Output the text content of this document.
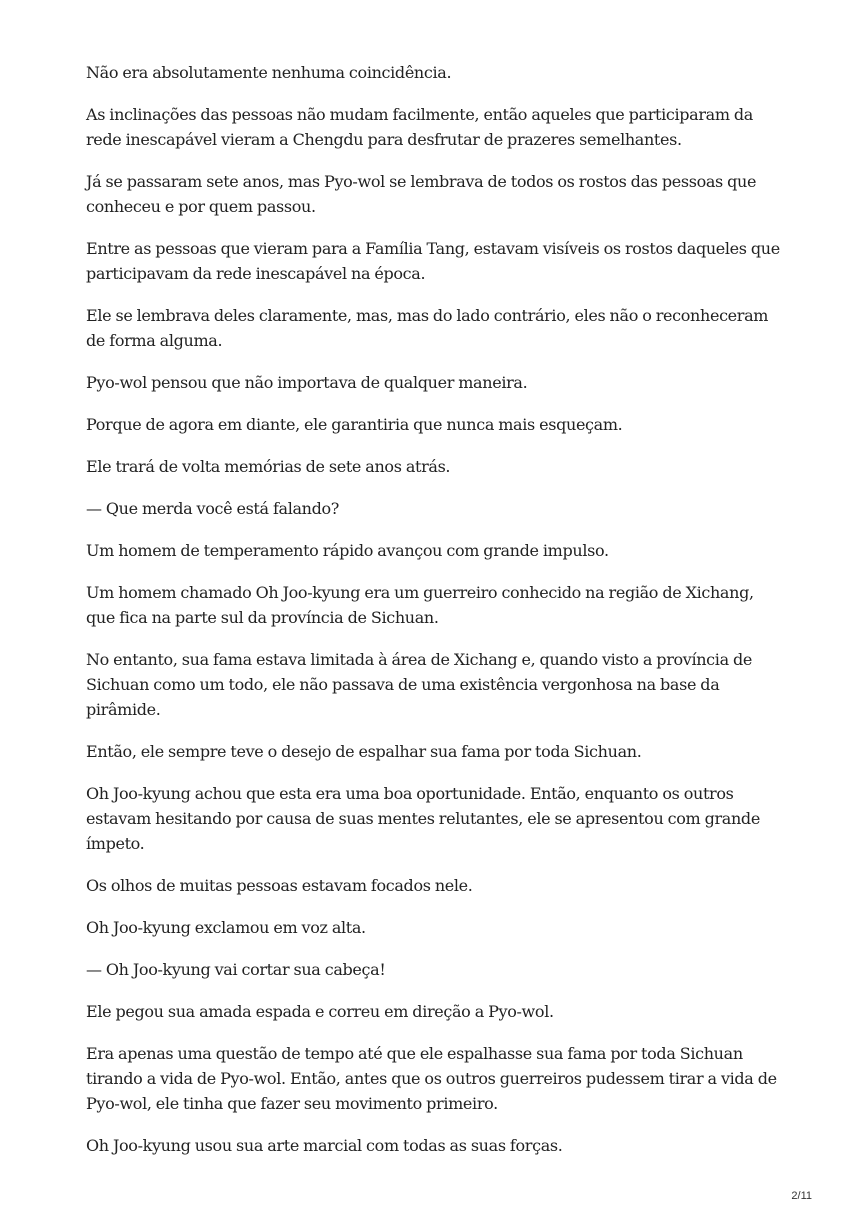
Não era absolutamente nenhuma coincidência.

As inclinações das pessoas não mudam facilmente, então aqueles que participaram da rede inescapável vieram a Chengdu para desfrutar de prazeres semelhantes.

Já se passaram sete anos, mas Pyo-wol se lembrava de todos os rostos das pessoas que conheceu e por quem passou.

Entre as pessoas que vieram para a Família Tang, estavam visíveis os rostos daqueles que participavam da rede inescapável na época.

Ele se lembrava deles claramente, mas, mas do lado contrário, eles não o reconheceram de forma alguma.

Pyo-wol pensou que não importava de qualquer maneira.

Porque de agora em diante, ele garantiria que nunca mais esqueçam.

Ele trará de volta memórias de sete anos atrás.

— Que merda você está falando?

Um homem de temperamento rápido avançou com grande impulso.

Um homem chamado Oh Joo-kyung era um guerreiro conhecido na região de Xichang, que fica na parte sul da província de Sichuan.

No entanto, sua fama estava limitada à área de Xichang e, quando visto a província de Sichuan como um todo, ele não passava de uma existência vergonhosa na base da pirâmide.

Então, ele sempre teve o desejo de espalhar sua fama por toda Sichuan.

Oh Joo-kyung achou que esta era uma boa oportunidade. Então, enquanto os outros estavam hesitando por causa de suas mentes relutantes, ele se apresentou com grande ímpeto.

Os olhos de muitas pessoas estavam focados nele.

Oh Joo-kyung exclamou em voz alta.

— Oh Joo-kyung vai cortar sua cabeça!

Ele pegou sua amada espada e correu em direção a Pyo-wol.

Era apenas uma questão de tempo até que ele espalhasse sua fama por toda Sichuan tirando a vida de Pyo-wol. Então, antes que os outros guerreiros pudessem tirar a vida de Pyo-wol, ele tinha que fazer seu movimento primeiro.

Oh Joo-kyung usou sua arte marcial com todas as suas forças.

2/11
